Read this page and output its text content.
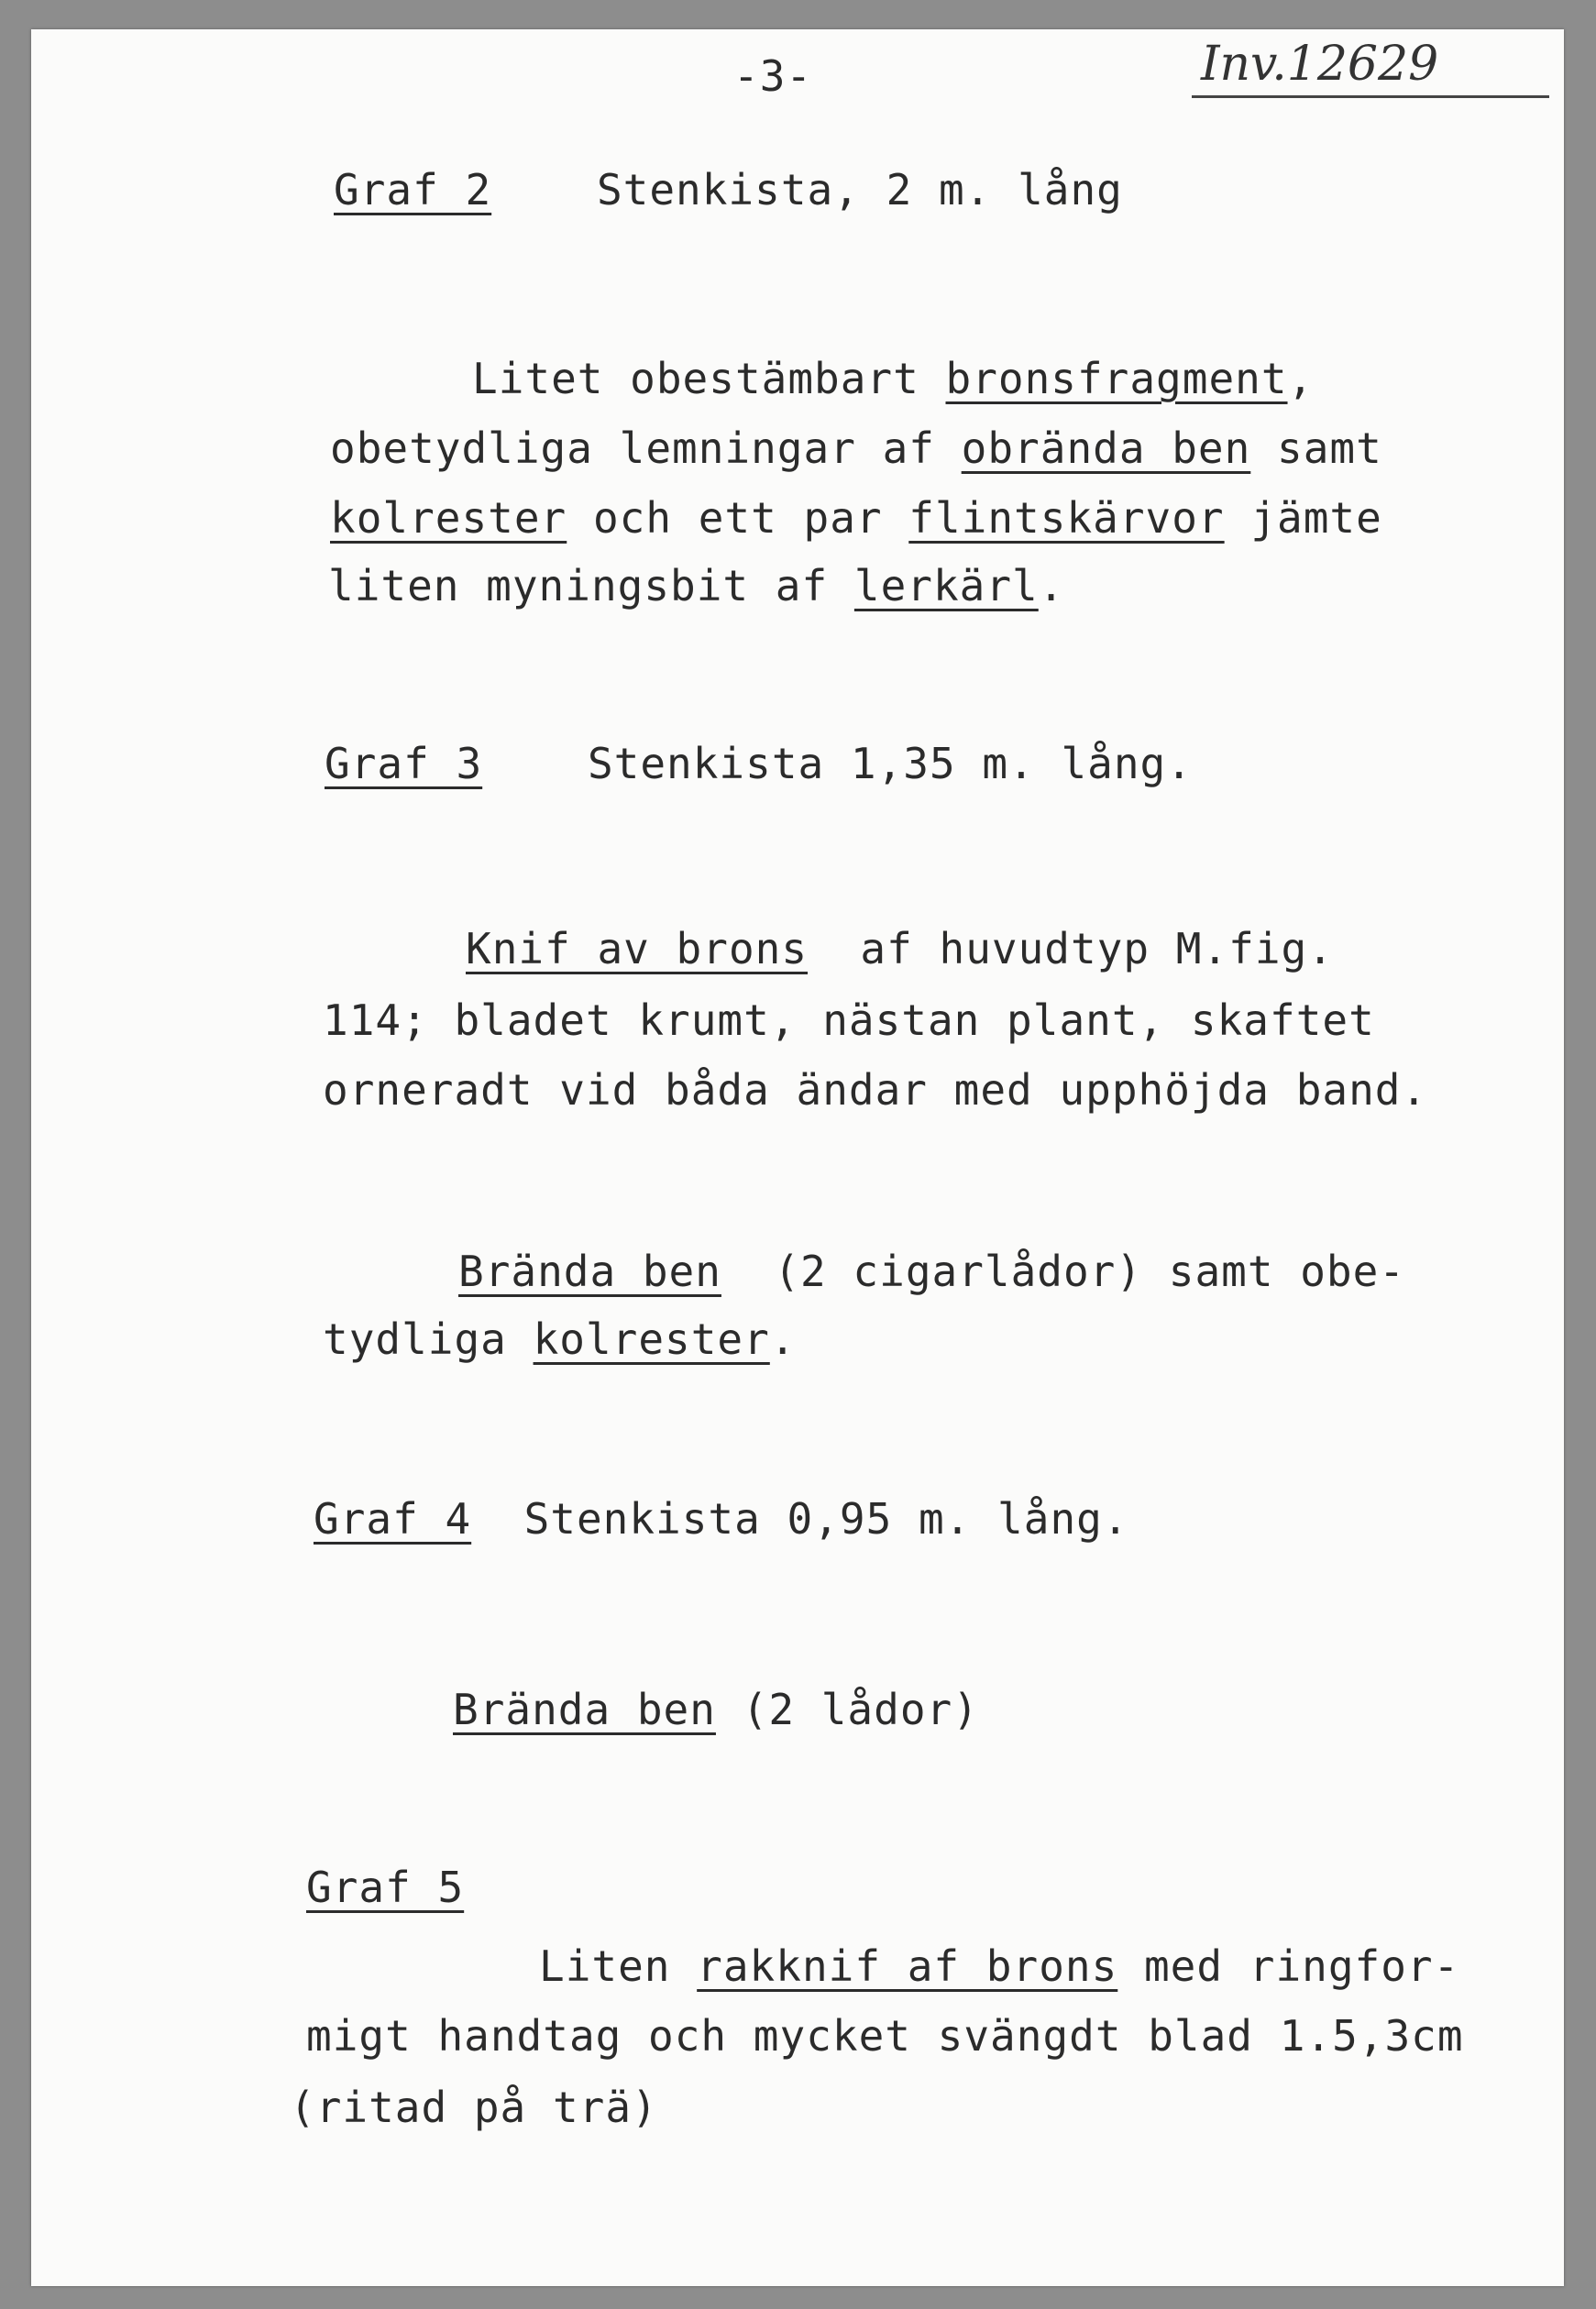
-3-	Inv.12629
Graf 2 Stenkista, 2 m. lång
Litet obestämbart bronsfragment,
obetydliga lemningar af obrända ben samt
kolrester och ett par flintskärvor jämte
liten myningsbit af lerkärl.
Graf 3 Stenkista 1,35 m. lång.
Knif av brons  af huvudtyp M.fig.
114; bladet krumt, nästan plant, skaftet
orneradt vid båda ändar med upphöjda band.
Brända ben  (2 cigarlådor) samt obe-
tydliga kolrester.
Graf 4 Stenkista 0,95 m. lång.
Brända ben (2 lådor)
Graf 5
Liten rakknif af brons med ringfor-
migt handtag och mycket svängdt blad 1.5,3cm
(ritad på trä)
